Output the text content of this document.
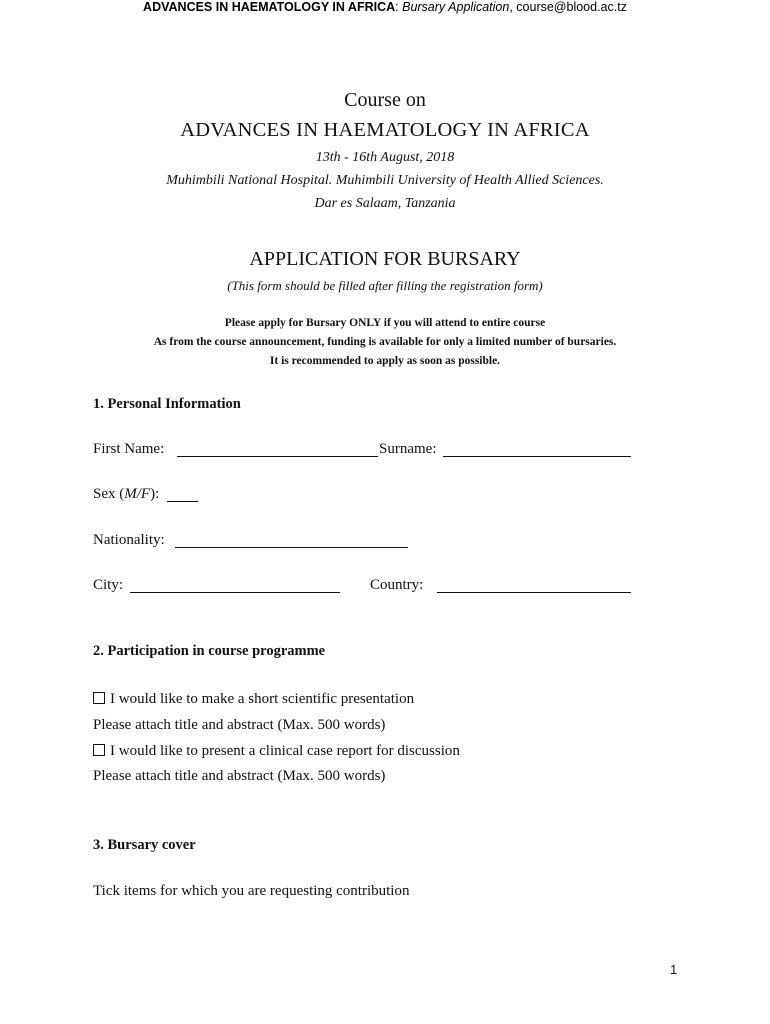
ADVANCES IN HAEMATOLOGY IN AFRICA: Bursary Application, course@blood.ac.tz
Course on
ADVANCES IN HAEMATOLOGY IN AFRICA
13th - 16th August, 2018
Muhimbili National Hospital. Muhimbili University of Health Allied Sciences.
Dar es Salaam, Tanzania
APPLICATION FOR BURSARY
(This form should be filled after filling the registration form)
Please apply for Bursary ONLY if you will attend to entire course
As from the course announcement, funding is available for only a limited number of bursaries.
It is recommended to apply as soon as possible.
1. Personal Information
First Name:	Surname:
Sex (M/F):
Nationality:
City:	Country:
2. Participation in course programme
I would like to make a short scientific presentation
Please attach title and abstract (Max. 500 words)
I would like to present a clinical case report for discussion
Please attach title and abstract (Max. 500 words)
3. Bursary cover
Tick items for which you are requesting contribution
1
